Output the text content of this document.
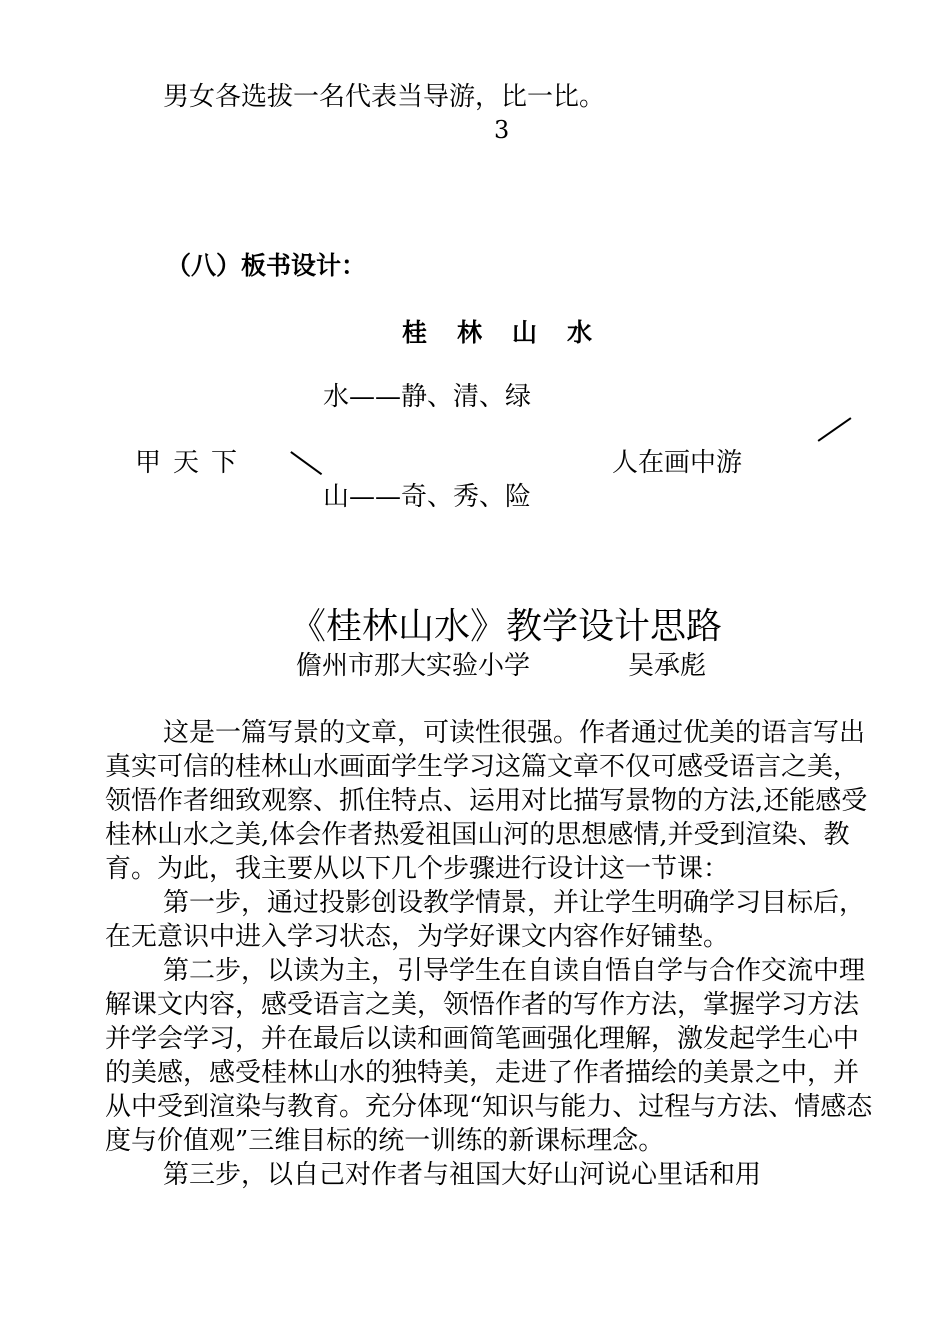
男女各选拔一名代表当导游，比一比。
3
（八）板书设计：
桂林山水
水——静、清、绿
甲天下	人在画中游
山——奇、秀、险
《桂林山水》教学设计思路
儋州市那大实验小学	吴承彪

这是一篇写景的文章，可读性很强。作者通过优美的语言写出真实可信的桂林山水画面学生学习这篇文章不仅可感受语言之美，领悟作者细致观察、抓住特点、运用对比描写景物的方法,还能感受桂林山水之美,体会作者热爱祖国山河的思想感情,并受到渲染、教育。为此，我主要从以下几个步骤进行设计这一节课：

第一步，通过投影创设教学情景，并让学生明确学习目标后，在无意识中进入学习状态，为学好课文内容作好铺垫。

第二步，以读为主，引导学生在自读自悟自学与合作交流中理解课文内容，感受语言之美，领悟作者的写作方法，掌握学习方法并学会学习，并在最后以读和画简笔画强化理解，激发起学生心中的美感，感受桂林山水的独特美，走进了作者描绘的美景之中，并从中受到渲染与教育。充分体现“知识与能力、过程与方法、情感态度与价值观”三维目标的统一训练的新课标理念。

第三步，以自己对作者与祖国大好山河说心里话和用
